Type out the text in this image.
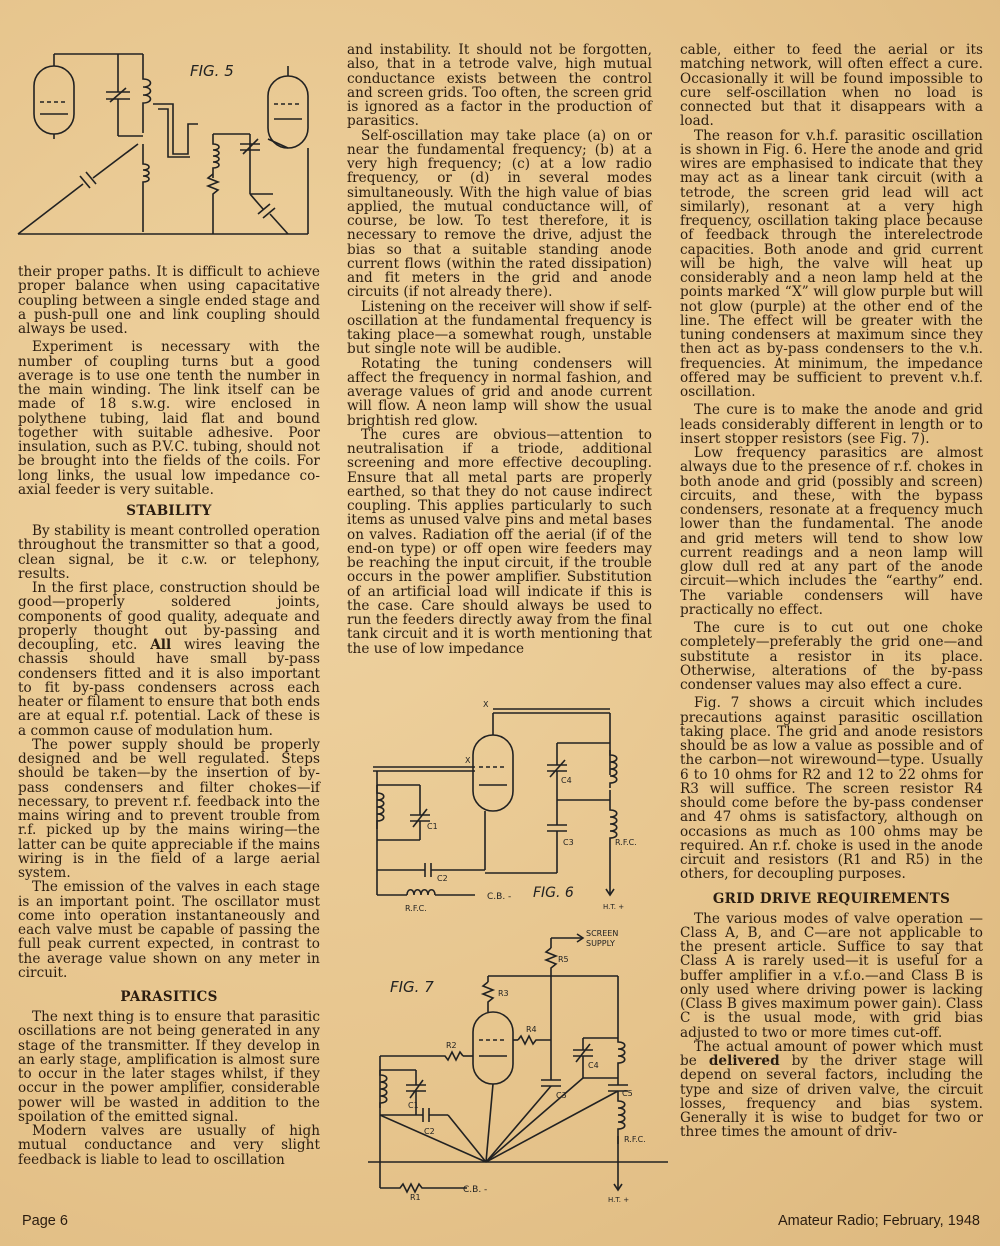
FIG. 5

their proper paths. It is difficult to achieve proper balance when using capacitative coupling between a single ended stage and a push-pull one and link coupling should always be used.

Experiment is necessary with the number of coupling turns but a good average is to use one tenth the number in the main winding. The link itself can be made of 18 s.w.g. wire enclosed in polythene tubing, laid flat and bound together with suitable adhesive. Poor insulation, such as P.V.C. tubing, should not be brought into the fields of the coils. For long links, the usual low impedance co-axial feeder is very suitable.

STABILITY

By stability is meant controlled operation throughout the transmitter so that a good, clean signal, be it c.w. or telephony, results.

In the first place, construction should be good—properly soldered joints, components of good quality, adequate and properly thought out by-passing and decoupling, etc. All wires leaving the chassis should have small by-pass condensers fitted and it is also important to fit by-pass condensers across each heater or filament to ensure that both ends are at equal r.f. potential. Lack of these is a common cause of modulation hum.

The power supply should be properly designed and be well regulated. Steps should be taken—by the insertion of by-pass condensers and filter chokes—if necessary, to prevent r.f. feedback into the mains wiring and to prevent trouble from r.f. picked up by the mains wiring—the latter can be quite appreciable if the mains wiring is in the field of a large aerial system.

The emission of the valves in each stage is an important point. The oscillator must come into operation instantaneously and each valve must be capable of passing the full peak current expected, in contrast to the average value shown on any meter in circuit.

PARASITICS

The next thing is to ensure that parasitic oscillations are not being generated in any stage of the transmitter. If they develop in an early stage, amplification is almost sure to occur in the later stages whilst, if they occur in the power amplifier, considerable power will be wasted in addition to the spoilation of the emitted signal.

Modern valves are usually of high mutual conductance and very slight feedback is liable to lead to oscillation

and instability. It should not be forgotten, also, that in a tetrode valve, high mutual conductance exists between the control and screen grids. Too often, the screen grid is ignored as a factor in the production of parasitics.

Self-oscillation may take place (a) on or near the fundamental frequency; (b) at a very high frequency; (c) at a low radio frequency, or (d) in several modes simultaneously. With the high value of bias applied, the mutual conductance will, of course, be low. To test therefore, it is necessary to remove the drive, adjust the bias so that a suitable standing anode current flows (within the rated dissipation) and fit meters in the grid and anode circuits (if not already there).

Listening on the receiver will show if self-oscillation at the fundamental frequency is taking place—a somewhat rough, unstable but single note will be audible.

Rotating the tuning condensers will affect the frequency in normal fashion, and average values of grid and anode current will flow. A neon lamp will show the usual brightish red glow.

The cures are obvious—attention to neutralisation if a triode, additional screening and more effective decoupling. Ensure that all metal parts are properly earthed, so that they do not cause indirect coupling. This applies particularly to such items as unused valve pins and metal bases on valves. Radiation off the aerial (if of the end-on type) or off open wire feeders may be reaching the input circuit, if the trouble occurs in the power amplifier. Substitution of an artificial load will indicate if this is the case. Care should always be used to run the feeders directly away from the final tank circuit and it is worth mentioning that the use of low impedance

X
X
C4
C1
C3
C2
R.F.C.
R.F.C.
C.B. -
H.T. +
FIG. 6
SCREEN
SUPPLY
R5
R3
R4
R2
C4
C1
C2
C3	C5
R.F.C.
R1
C.B. -
H.T. +
FIG. 7

cable, either to feed the aerial or its matching network, will often effect a cure. Occasionally it will be found impossible to cure self-oscillation when no load is connected but that it disappears with a load.

The reason for v.h.f. parasitic oscillation is shown in Fig. 6. Here the anode and grid wires are emphasised to indicate that they may act as a linear tank circuit (with a tetrode, the screen grid lead will act similarly), resonant at a very high frequency, oscillation taking place because of feedback through the interelectrode capacities. Both anode and grid current will be high, the valve will heat up considerably and a neon lamp held at the points marked “X” will glow purple but will not glow (purple) at the other end of the line. The effect will be greater with the tuning condensers at maximum since they then act as by-pass condensers to the v.h. frequencies. At minimum, the impedance offered may be sufficient to prevent v.h.f. oscillation.

The cure is to make the anode and grid leads considerably different in length or to insert stopper resistors (see Fig. 7).

Low frequency parasitics are almost always due to the presence of r.f. chokes in both anode and grid (possibly and screen) circuits, and these, with the bypass condensers, resonate at a frequency much lower than the fundamental. The anode and grid meters will tend to show low current readings and a neon lamp will glow dull red at any part of the anode circuit—which includes the “earthy” end. The variable condensers will have practically no effect.

The cure is to cut out one choke completely—preferably the grid one—and substitute a resistor in its place. Otherwise, alterations of the by-pass condenser values may also effect a cure.

Fig. 7 shows a circuit which includes precautions against parasitic oscillation taking place. The grid and anode resistors should be as low a value as possible and of the carbon—not wirewound—type. Usually 6 to 10 ohms for R2 and 12 to 22 ohms for R3 will suffice. The screen resistor R4 should come before the by-pass condenser and 47 ohms is satisfactory, although on occasions as much as 100 ohms may be required. An r.f. choke is used in the anode circuit and resistors (R1 and R5) in the others, for decoupling purposes.

GRID DRIVE REQUIREMENTS

The various modes of valve operation —Class A, B, and C—are not applicable to the present article. Suffice to say that Class A is rarely used—it is useful for a buffer amplifier in a v.f.o.—and Class B is only used where driving power is lacking (Class B gives maximum power gain). Class C is the usual mode, with grid bias adjusted to two or more times cut-off.

The actual amount of power which must be delivered by the driver stage will depend on several factors, including the type and size of driven valve, the circuit losses, frequency and bias system. Generally it is wise to budget for two or three times the amount of driv-

Page 6	Amateur Radio; February, 1948
